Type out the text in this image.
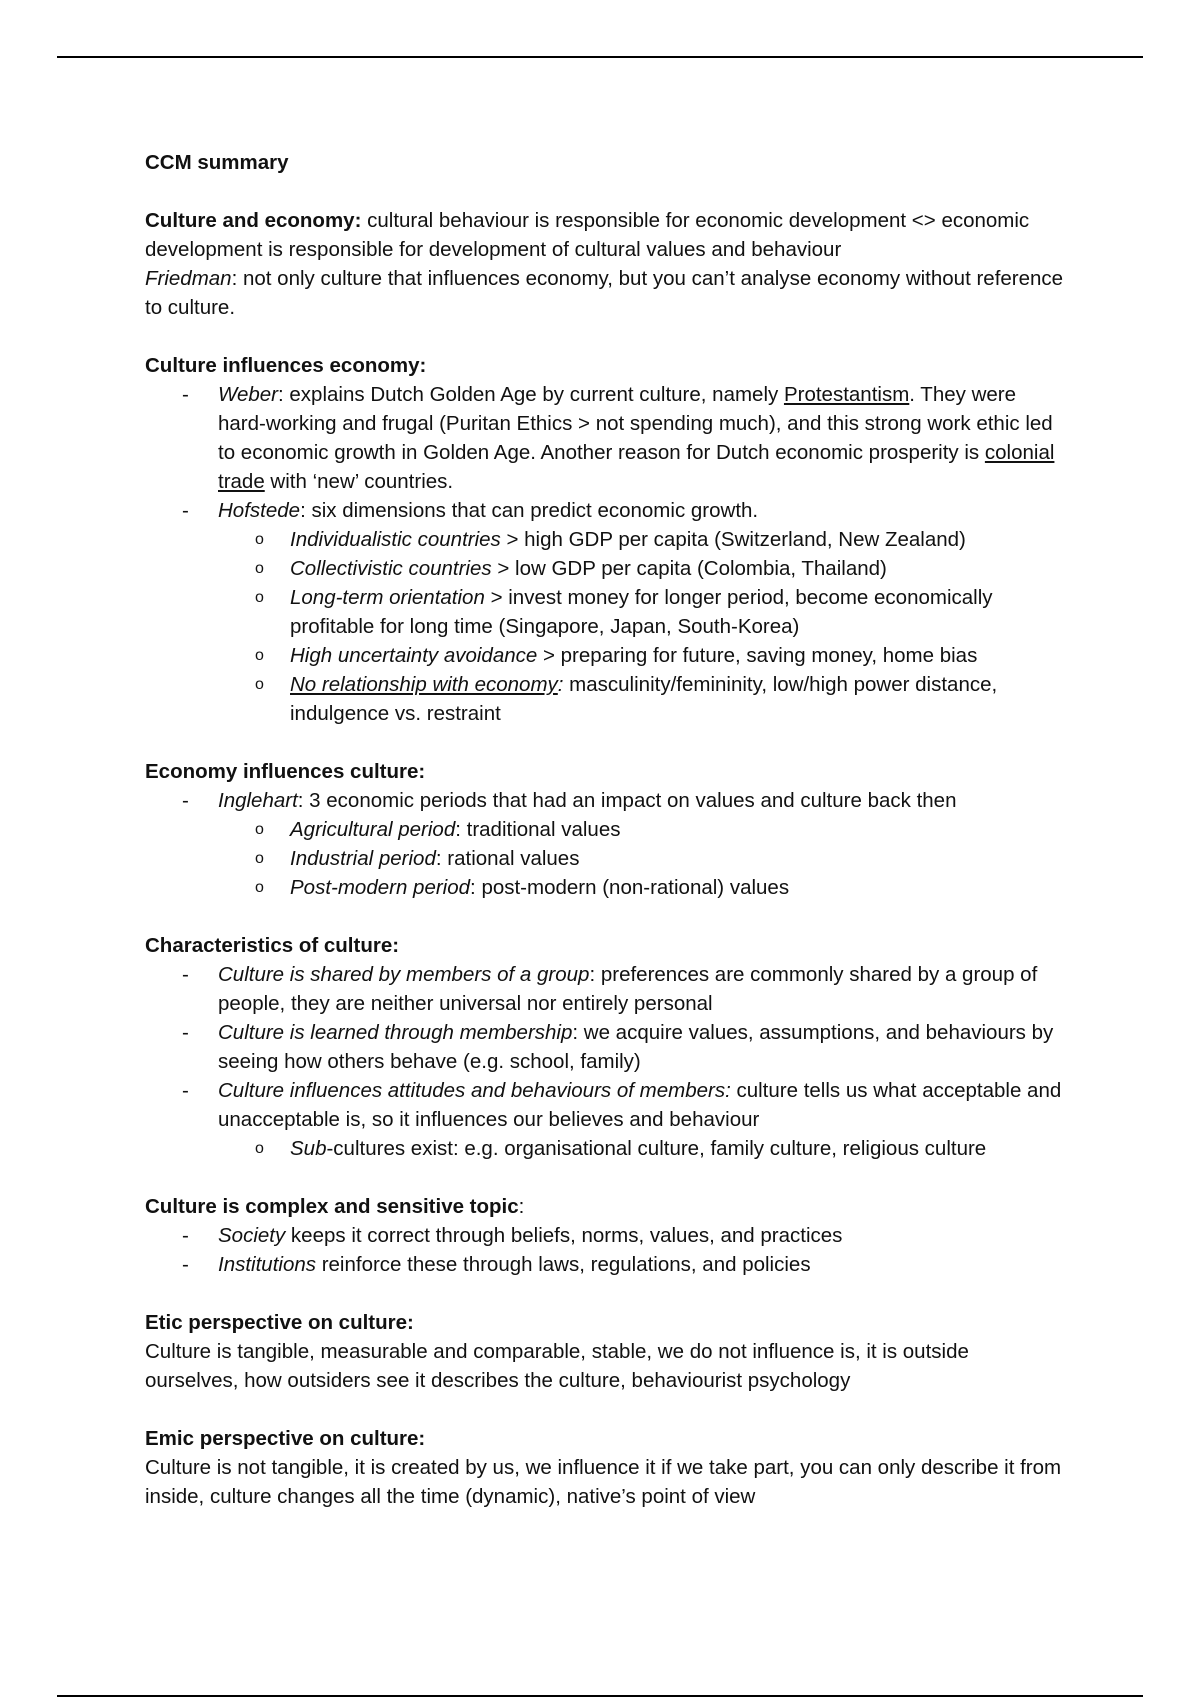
CCM summary

Culture and economy: cultural behaviour is responsible for economic development <> economic development is responsible for development of cultural values and behaviour

Friedman: not only culture that influences economy, but you can’t analyse economy without reference to culture.

Culture influences economy:

- Weber: explains Dutch Golden Age by current culture, namely Protestantism. They were hard-working and frugal (Puritan Ethics > not spending much), and this strong work ethic led to economic growth in Golden Age. Another reason for Dutch economic prosperity is colonial trade with ‘new’ countries.
- Hofstede: six dimensions that can predict economic growth.
o Individualistic countries > high GDP per capita (Switzerland, New Zealand)
o Collectivistic countries > low GDP per capita (Colombia, Thailand)
o Long-term orientation > invest money for longer period, become economically profitable for long time (Singapore, Japan, South-Korea)
o High uncertainty avoidance > preparing for future, saving money, home bias
o No relationship with economy: masculinity/femininity, low/high power distance, indulgence vs. restraint

Economy influences culture:

- Inglehart: 3 economic periods that had an impact on values and culture back then
o Agricultural period: traditional values
o Industrial period: rational values
o Post-modern period: post-modern (non-rational) values

Characteristics of culture:

- Culture is shared by members of a group: preferences are commonly shared by a group of people, they are neither universal nor entirely personal
- Culture is learned through membership: we acquire values, assumptions, and behaviours by seeing how others behave (e.g. school, family)
- Culture influences attitudes and behaviours of members: culture tells us what acceptable and unacceptable is, so it influences our believes and behaviour
o Sub-cultures exist: e.g. organisational culture, family culture, religious culture

Culture is complex and sensitive topic:

- Society keeps it correct through beliefs, norms, values, and practices
- Institutions reinforce these through laws, regulations, and policies

Etic perspective on culture:

Culture is tangible, measurable and comparable, stable, we do not influence is, it is outside ourselves, how outsiders see it describes the culture, behaviourist psychology

Emic perspective on culture:

Culture is not tangible, it is created by us, we influence it if we take part, you can only describe it from inside, culture changes all the time (dynamic), native’s point of view
